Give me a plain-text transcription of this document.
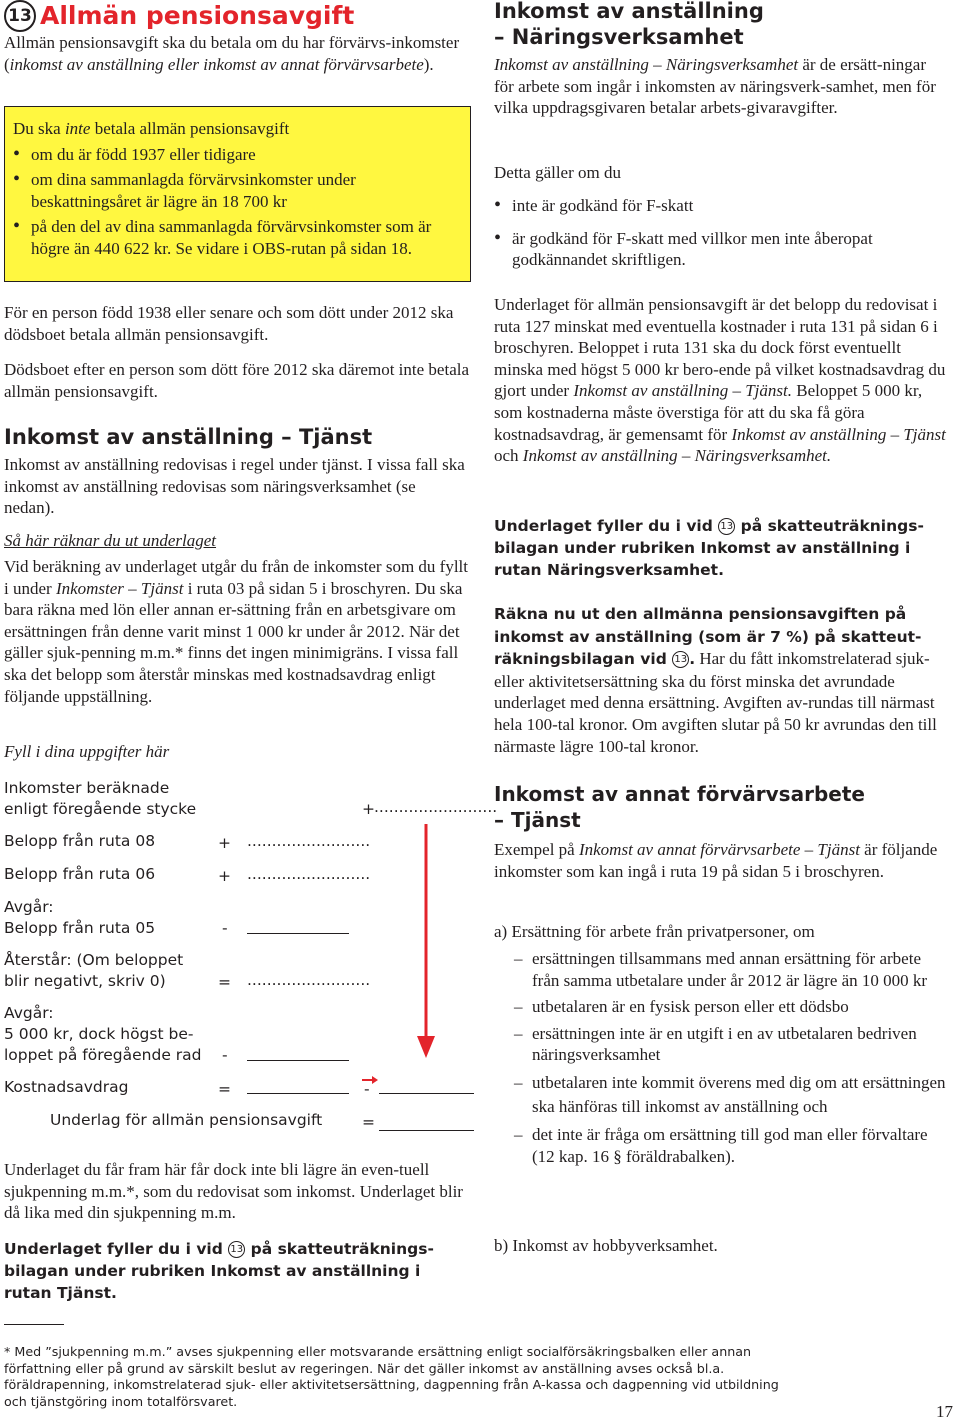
13 Allmän pensionsavgift

Allmän pensionsavgift ska du betala om du har förvärvs-inkomster (inkomst av anställning eller inkomst av annat förvärvsarbete).

Du ska inte betala allmän pensionsavgift

• om du är född 1937 eller tidigare
• om dina sammanlagda förvärvsinkomster under beskattningsåret är lägre än 18 700 kr
• på den del av dina sammanlagda förvärvsinkomster som är högre än 440 622 kr. Se vidare i OBS-rutan på sidan 18.

För en person född 1938 eller senare och som dött under 2012 ska dödsboet betala allmän pensionsavgift.

Dödsboet efter en person som dött före 2012 ska däremot inte betala allmän pensionsavgift.

Inkomst av anställning – Tjänst

Inkomst av anställning redovisas i regel under tjänst. I vissa fall ska inkomst av anställning redovisas som näringsverksamhet (se nedan).

Så här räknar du ut underlaget

Vid beräkning av underlaget utgår du från de inkomster som du fyllt i under Inkomster – Tjänst i ruta 03 på sidan 5 i broschyren. Du ska bara räkna med lön eller annan er-sättning från en arbetsgivare om ersättningen från denne varit minst 1 000 kr under år 2012. När det gäller sjuk-penning m.m.* finns det ingen minimigräns. I vissa fall ska det belopp som återstår minskas med kostnadsavdrag enligt följande uppställning.

Fyll i dina uppgifter här

Inkomster beräknade
enligt föregående stycke	+ .........................
Belopp från ruta 08	+ .........................
Belopp från ruta 06	+ .........................
Avgår:
Belopp från ruta 05	-
Återstår: (Om beloppet
blir negativt, skriv 0)	= .........................
Avgår:
5 000 kr, dock högst be-
loppet på föregående rad -
Kostnadsavdrag	=	-
Underlag för allmän pensionsavgift	=

Underlaget du får fram här får dock inte bli lägre än even-tuell sjukpenning m.m.*, som du redovisat som inkomst. Underlaget blir då lika med din sjukpenning m.m.

Underlaget fyller du i vid 13 på skatteuträknings-bilagan under rubriken Inkomst av anställning i rutan Tjänst.

Inkomst av anställning
– Näringsverksamhet

Inkomst av anställning – Näringsverksamhet är de ersätt-ningar för arbete som ingår i inkomsten av näringsverk-samhet, men för vilka uppdragsgivaren betalar arbets-givaravgifter.

Detta gäller om du

• inte är godkänd för F-skatt
• är godkänd för F-skatt med villkor men inte åberopat godkännandet skriftligen.

Underlaget för allmän pensionsavgift är det belopp du redovisat i ruta 127 minskat med eventuella kostnader i ruta 131 på sidan 6 i broschyren. Beloppet i ruta 131 ska du dock först eventuellt minska med högst 5 000 kr bero-ende på vilket kostnadsavdrag du gjort under Inkomst av anställning – Tjänst. Beloppet 5 000 kr, som kostnaderna måste överstiga för att du ska få göra kostnadsavdrag, är gemensamt för Inkomst av anställning – Tjänst och Inkomst av anställning – Näringsverksamhet.

Underlaget fyller du i vid 13 på skatteuträknings-bilagan under rubriken Inkomst av anställning i rutan Näringsverksamhet.

Räkna nu ut den allmänna pensionsavgiften på inkomst av anställning (som är 7 %) på skatteut-räkningsbilagan vid 13 . Har du fått inkomstrelaterad sjuk- eller aktivitetsersättning ska du först minska det avrundade underlaget med denna ersättning. Avgiften av-rundas till närmast hela 100-tal kronor. Om avgiften slutar på 50 kr avrundas den till närmaste lägre 100-tal kronor.

Inkomst av annat förvärvsarbete
– Tjänst

Exempel på Inkomst av annat förvärvsarbete – Tjänst är följande inkomster som kan ingå i ruta 19 på sidan 5 i broschyren.

a) Ersättning för arbete från privatpersoner, om

– ersättningen tillsammans med annan ersättning för arbete från samma utbetalare under år 2012 är lägre än 10 000 kr
– utbetalaren är en fysisk person eller ett dödsbo
– ersättningen inte är en utgift i en av utbetalaren bedriven näringsverksamhet
– utbetalaren inte kommit överens med dig om att ersättningen ska hänföras till inkomst av anställning och
– det inte är fråga om ersättning till god man eller förvaltare (12 kap. 16 § föräldrabalken).

b) Inkomst av hobbyverksamhet.

* Med ”sjukpenning m.m.” avses sjukpenning eller motsvarande ersättning enligt socialförsäkringsbalken eller annan författning eller på grund av särskilt beslut av regeringen. När det gäller inkomst av anställning avses också bl.a. föräldrapenning, inkomstrelaterad sjuk- eller aktivitetsersättning, dagpenning från A-kassa och dagpenning vid utbildning och tjänstgöring inom totalförsvaret.
17
